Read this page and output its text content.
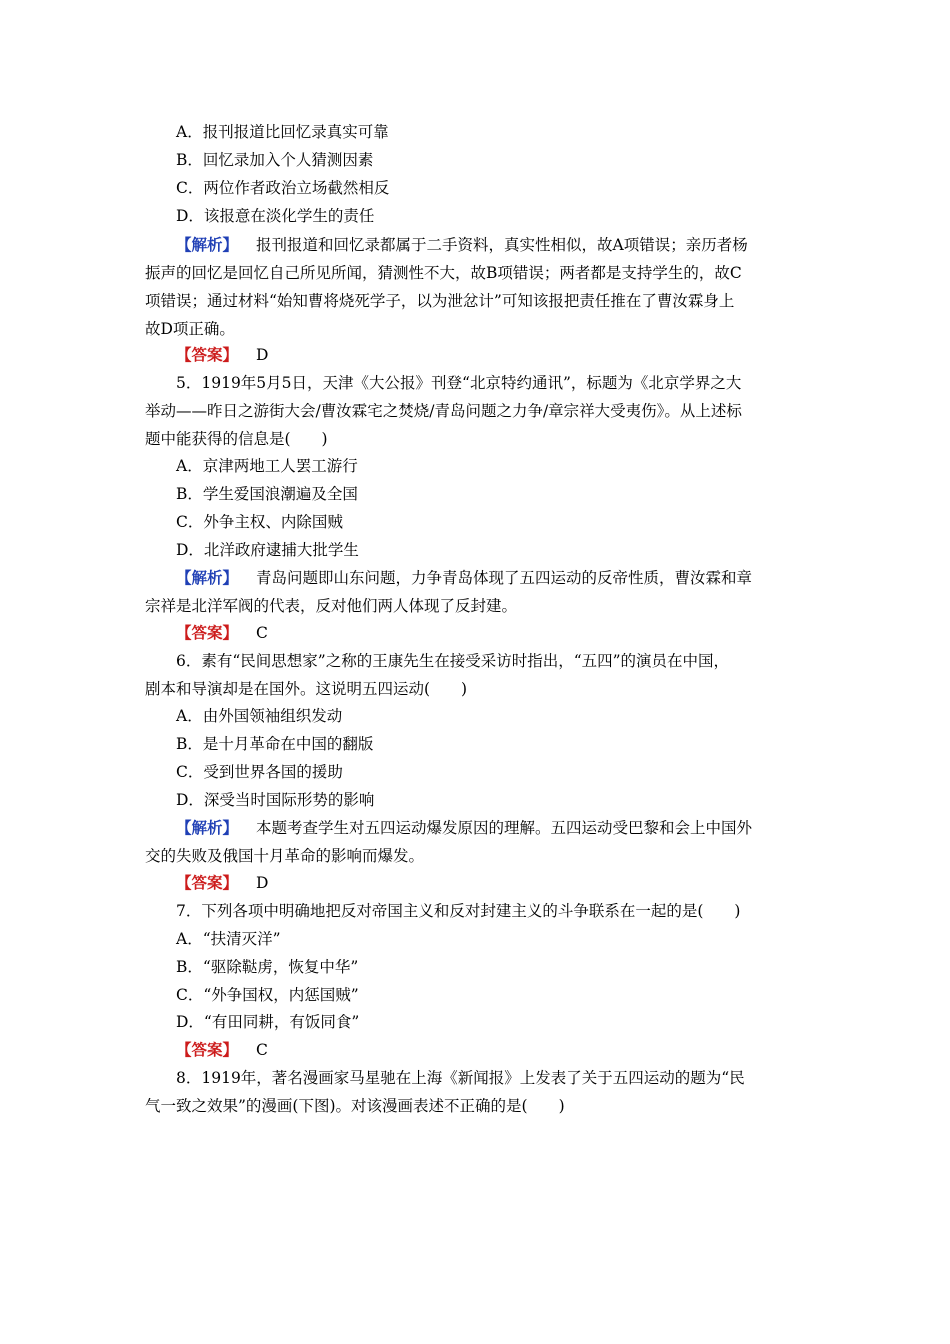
A．报刊报道比回忆录真实可靠
B．回忆录加入个人猜测因素
C．两位作者政治立场截然相反
D．该报意在淡化学生的责任
【解析】 报刊报道和回忆录都属于二手资料，真实性相似，故A项错误；亲历者杨
振声的回忆是回忆自己所见所闻，猜测性不大，故B项错误；两者都是支持学生的，故C
项错误；通过材料“始知曹将烧死学子，以为泄忿计”可知该报把责任推在了曹汝霖身上
故D项正确。
【答案】 D
5．1919年5月5日，天津《大公报》刊登“北京特约通讯”，标题为《北京学界之大
举动——昨日之游街大会/曹汝霖宅之焚烧/青岛问题之力争/章宗祥大受夷伤》。从上述标
题中能获得的信息是(　　)
A．京津两地工人罢工游行
B．学生爱国浪潮遍及全国
C．外争主权、内除国贼
D．北洋政府逮捕大批学生
【解析】 青岛问题即山东问题，力争青岛体现了五四运动的反帝性质，曹汝霖和章
宗祥是北洋军阀的代表，反对他们两人体现了反封建。
【答案】 C
6．素有“民间思想家”之称的王康先生在接受采访时指出，“五四”的演员在中国，
剧本和导演却是在国外。这说明五四运动(　　)
A．由外国领袖组织发动
B．是十月革命在中国的翻版
C．受到世界各国的援助
D．深受当时国际形势的影响
【解析】 本题考查学生对五四运动爆发原因的理解。五四运动受巴黎和会上中国外
交的失败及俄国十月革命的影响而爆发。
【答案】 D
7．下列各项中明确地把反对帝国主义和反对封建主义的斗争联系在一起的是(　　)
A．“扶清灭洋”
B．“驱除鞑虏，恢复中华”
C．“外争国权，内惩国贼”
D．“有田同耕，有饭同食”
【答案】 C
8．1919年，著名漫画家马星驰在上海《新闻报》上发表了关于五四运动的题为“民
气一致之效果”的漫画(下图)。对该漫画表述不正确的是(　　)
